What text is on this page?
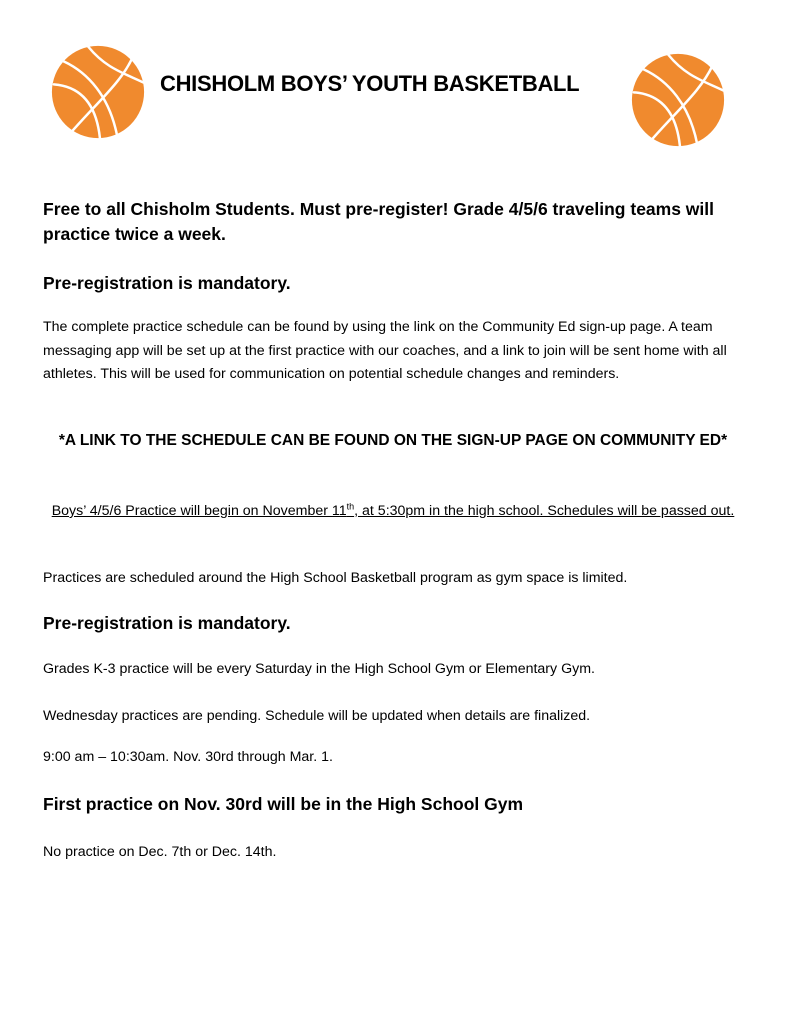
CHISHOLM BOYS’ YOUTH BASKETBALL
Free to all Chisholm Students. Must pre-register! Grade 4/5/6 traveling teams will practice twice a week.
Pre-registration is mandatory.
The complete practice schedule can be found by using the link on the Community Ed sign-up page. A team messaging app will be set up at the first practice with our coaches, and a link to join will be sent home with all athletes. This will be used for communication on potential schedule changes and reminders.
*A LINK TO THE SCHEDULE CAN BE FOUND ON THE SIGN-UP PAGE ON COMMUNITY ED*
Boys’ 4/5/6 Practice will begin on November 11th, at 5:30pm in the high school. Schedules will be passed out.
Practices are scheduled around the High School Basketball program as gym space is limited.
Pre-registration is mandatory.
Grades K-3 practice will be every Saturday in the High School Gym or Elementary Gym.
Wednesday practices are pending. Schedule will be updated when details are finalized.
9:00 am – 10:30am. Nov. 30rd through Mar. 1.
First practice on Nov. 30rd will be in the High School Gym
No practice on Dec. 7th or Dec. 14th.
